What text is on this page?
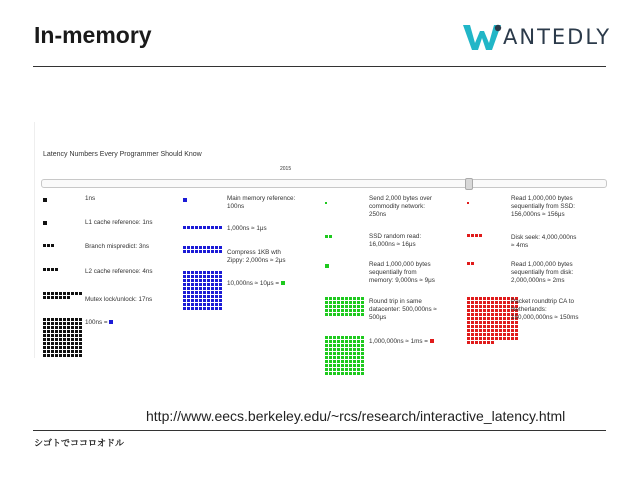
In-memory	ANTEDLY
Latency Numbers Every Programmer Should Know
2015
1ns
L1 cache reference: 1ns
Branch mispredict: 3ns
L2 cache reference: 4ns
Mutex lock/unlock: 17ns
100ns =
Main memory reference:
100ns
1,000ns ≈ 1μs
Compress 1KB wth
Zippy: 2,000ns ≈ 2μs
10,000ns ≈ 10μs =
Send 2,000 bytes over
commodity network:
250ns
SSD random read:
16,000ns ≈ 16μs
Read 1,000,000 bytes
sequentially from
memory: 9,000ns ≈ 9μs
Round trip in same
datacenter: 500,000ns ≈
500μs
1,000,000ns ≈ 1ms =
Read 1,000,000 bytes
sequentially from SSD:
156,000ns ≈ 156μs
Disk seek: 4,000,000ns
≈ 4ms
Read 1,000,000 bytes
sequentially from disk:
2,000,000ns ≈ 2ms
Packet roundtrip CA to
Netherlands:
150,000,000ns ≈ 150ms
http://www.eecs.berkeley.edu/~rcs/research/interactive_latency.html
シゴトでココロオドル
